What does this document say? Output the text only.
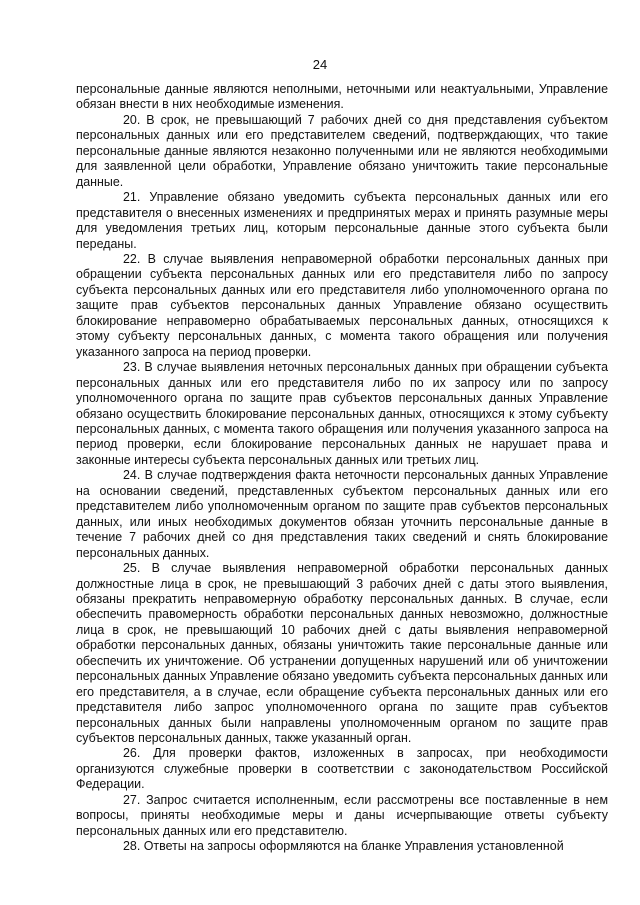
24

персональные данные являются неполными, неточными или неактуальными, Управление обязан внести в них необходимые изменения.

20. В срок, не превышающий 7 рабочих дней со дня представления субъектом персональных данных или его представителем сведений, подтверждающих, что такие персональные данные являются незаконно полученными или не являются необходимыми для заявленной цели обработки, Управление обязано уничтожить такие персональные данные.

21. Управление обязано уведомить субъекта персональных данных или его представителя о внесенных изменениях и предпринятых мерах и принять разумные меры для уведомления третьих лиц, которым персональные данные этого субъекта были переданы.

22. В случае выявления неправомерной обработки персональных данных при обращении субъекта персональных данных или его представителя либо по запросу субъекта персональных данных или его представителя либо уполномоченного органа по защите прав субъектов персональных данных Управление обязано осуществить блокирование неправомерно обрабатываемых персональных данных, относящихся к этому субъекту персональных данных, с момента такого обращения или получения указанного запроса на период проверки.

23. В случае выявления неточных персональных данных при обращении субъекта персональных данных или его представителя либо по их запросу или по запросу уполномоченного органа по защите прав субъектов персональных данных Управление обязано осуществить блокирование персональных данных, относящихся к этому субъекту персональных данных, с момента такого обращения или получения указанного запроса на период проверки, если блокирование персональных данных не нарушает права и законные интересы субъекта персональных данных или третьих лиц.

24. В случае подтверждения факта неточности персональных данных Управление на основании сведений, представленных субъектом персональных данных или его представителем либо уполномоченным органом по защите прав субъектов персональных данных, или иных необходимых документов обязан уточнить персональные данные в течение 7 рабочих дней со дня представления таких сведений и снять блокирование персональных данных.

25. В случае выявления неправомерной обработки персональных данных должностные лица в срок, не превышающий 3 рабочих дней с даты этого выявления, обязаны прекратить неправомерную обработку персональных данных. В случае, если обеспечить правомерность обработки персональных данных невозможно, должностные лица в срок, не превышающий 10 рабочих дней с даты выявления неправомерной обработки персональных данных, обязаны уничтожить такие персональные данные или обеспечить их уничтожение. Об устранении допущенных нарушений или об уничтожении персональных данных Управление обязано уведомить субъекта персональных данных или его представителя, а в случае, если обращение субъекта персональных данных или его представителя либо запрос уполномоченного органа по защите прав субъектов персональных данных были направлены уполномоченным органом по защите прав субъектов персональных данных, также указанный орган.

26. Для проверки фактов, изложенных в запросах, при необходимости организуются служебные проверки в соответствии с законодательством Российской Федерации.

27. Запрос считается исполненным, если рассмотрены все поставленные в нем вопросы, приняты необходимые меры и даны исчерпывающие ответы субъекту персональных данных или его представителю.

28. Ответы на запросы оформляются на бланке Управления установленной
